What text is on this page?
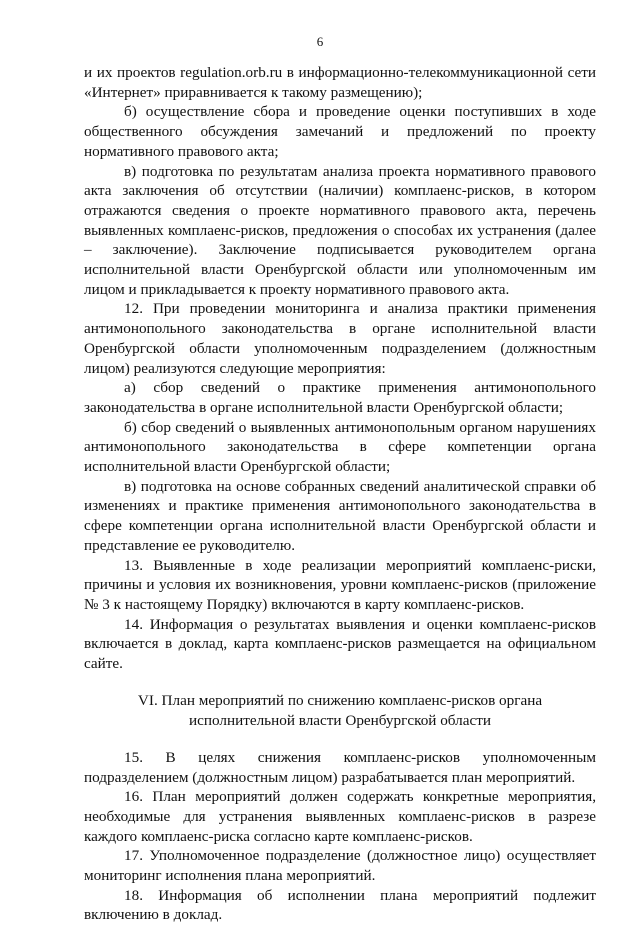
6

и их проектов regulation.orb.ru в информационно-телекоммуникационной сети «Интернет» приравнивается к такому размещению);

б) осуществление сбора и проведение оценки поступивших в ходе общественного обсуждения замечаний и предложений по проекту нормативного правового акта;

в) подготовка по результатам анализа проекта нормативного правового акта заключения об отсутствии (наличии) комплаенс-рисков, в котором отражаются сведения о проекте нормативного правового акта, перечень выявленных комплаенс-рисков, предложения о способах их устранения (далее – заключение). Заключение подписывается руководителем органа исполнительной власти Оренбургской области или уполномоченным им лицом и прикладывается к проекту нормативного правового акта.

12. При проведении мониторинга и анализа практики применения антимонопольного законодательства в органе исполнительной власти Оренбургской области уполномоченным подразделением (должностным лицом) реализуются следующие мероприятия:

а) сбор сведений о практике применения антимонопольного законодательства в органе исполнительной власти Оренбургской области;

б) сбор сведений о выявленных антимонопольным органом нарушениях антимонопольного законодательства в сфере компетенции органа исполнительной власти Оренбургской области;

в) подготовка на основе собранных сведений аналитической справки об изменениях и практике применения антимонопольного законодательства в сфере компетенции органа исполнительной власти Оренбургской области и представление ее руководителю.

13. Выявленные в ходе реализации мероприятий комплаенс-риски, причины и условия их возникновения, уровни комплаенс-рисков (приложение № 3 к настоящему Порядку) включаются в карту комплаенс-рисков.

14. Информация о результатах выявления и оценки комплаенс-рисков включается в доклад, карта комплаенс-рисков размещается на официальном сайте.

VI. План мероприятий по снижению комплаенс-рисков органа
исполнительной власти Оренбургской области

15. В целях снижения комплаенс-рисков уполномоченным подразделением (должностным лицом) разрабатывается план мероприятий.

16. План мероприятий должен содержать конкретные мероприятия, необходимые для устранения выявленных комплаенс-рисков в разрезе каждого комплаенс-риска согласно карте комплаенс-рисков.

17. Уполномоченное подразделение (должностное лицо) осуществляет мониторинг исполнения плана мероприятий.

18. Информация об исполнении плана мероприятий подлежит включению в доклад.
